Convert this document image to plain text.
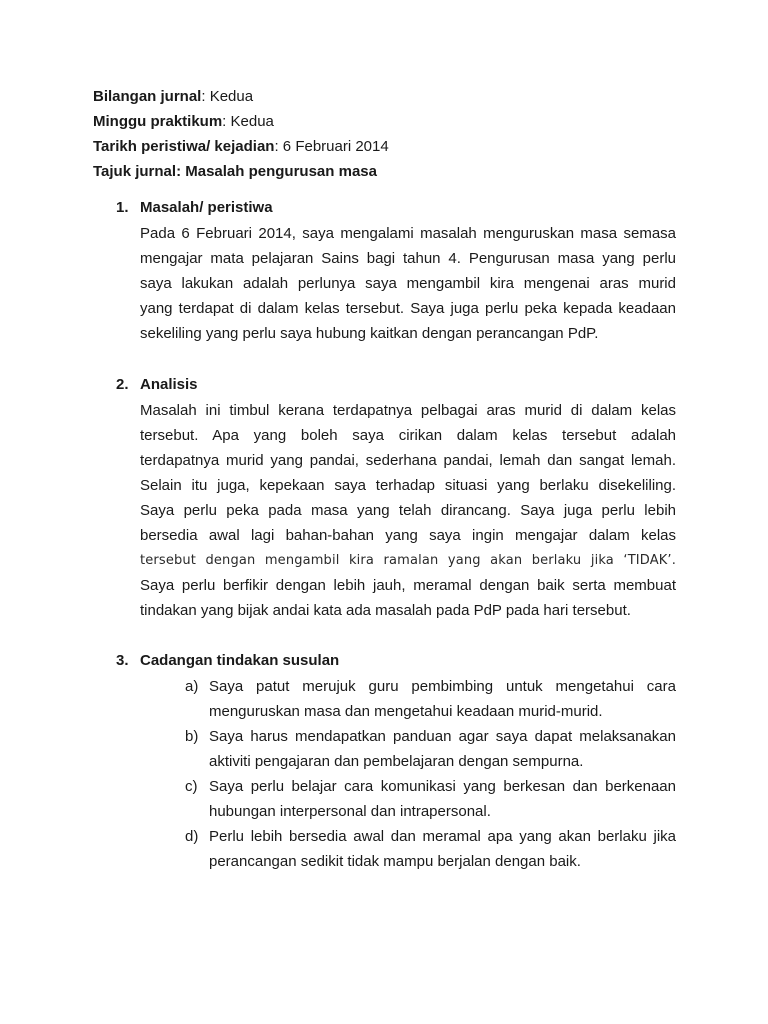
Bilangan jurnal: Kedua
Minggu praktikum: Kedua
Tarikh peristiwa/ kejadian: 6 Februari 2014
Tajuk jurnal: Masalah pengurusan masa
1. Masalah/ peristiwa
Pada 6 Februari 2014, saya mengalami masalah menguruskan masa semasa
mengajar mata pelajaran Sains bagi tahun 4. Pengurusan masa yang perlu
saya lakukan adalah perlunya saya mengambil kira mengenai aras murid
yang terdapat di dalam kelas tersebut. Saya juga perlu peka kepada keadaan
sekeliling yang perlu saya hubung kaitkan dengan perancangan PdP.
2. Analisis
Masalah ini timbul kerana terdapatnya pelbagai aras murid di dalam kelas
tersebut. Apa yang boleh saya cirikan dalam kelas tersebut adalah
terdapatnya murid yang pandai, sederhana pandai, lemah dan sangat lemah.
Selain itu juga, kepekaan saya terhadap situasi yang berlaku disekeliling.
Saya perlu peka pada masa yang telah dirancang. Saya juga perlu lebih
bersedia awal lagi bahan-bahan yang saya ingin mengajar dalam kelas
tersebut dengan mengambil kira ramalan yang akan berlaku jika ‘TIDAK’.
Saya perlu berfikir dengan lebih jauh, meramal dengan baik serta membuat
tindakan yang bijak andai kata ada masalah pada PdP pada hari tersebut.
3. Cadangan tindakan susulan
a) Saya patut merujuk guru pembimbing untuk mengetahui cara
menguruskan masa dan mengetahui keadaan murid-murid.
b) Saya harus mendapatkan panduan agar saya dapat melaksanakan
aktiviti pengajaran dan pembelajaran dengan sempurna.
c) Saya perlu belajar cara komunikasi yang berkesan dan berkenaan
hubungan interpersonal dan intrapersonal.
d) Perlu lebih bersedia awal dan meramal apa yang akan berlaku jika
perancangan sedikit tidak mampu berjalan dengan baik.
